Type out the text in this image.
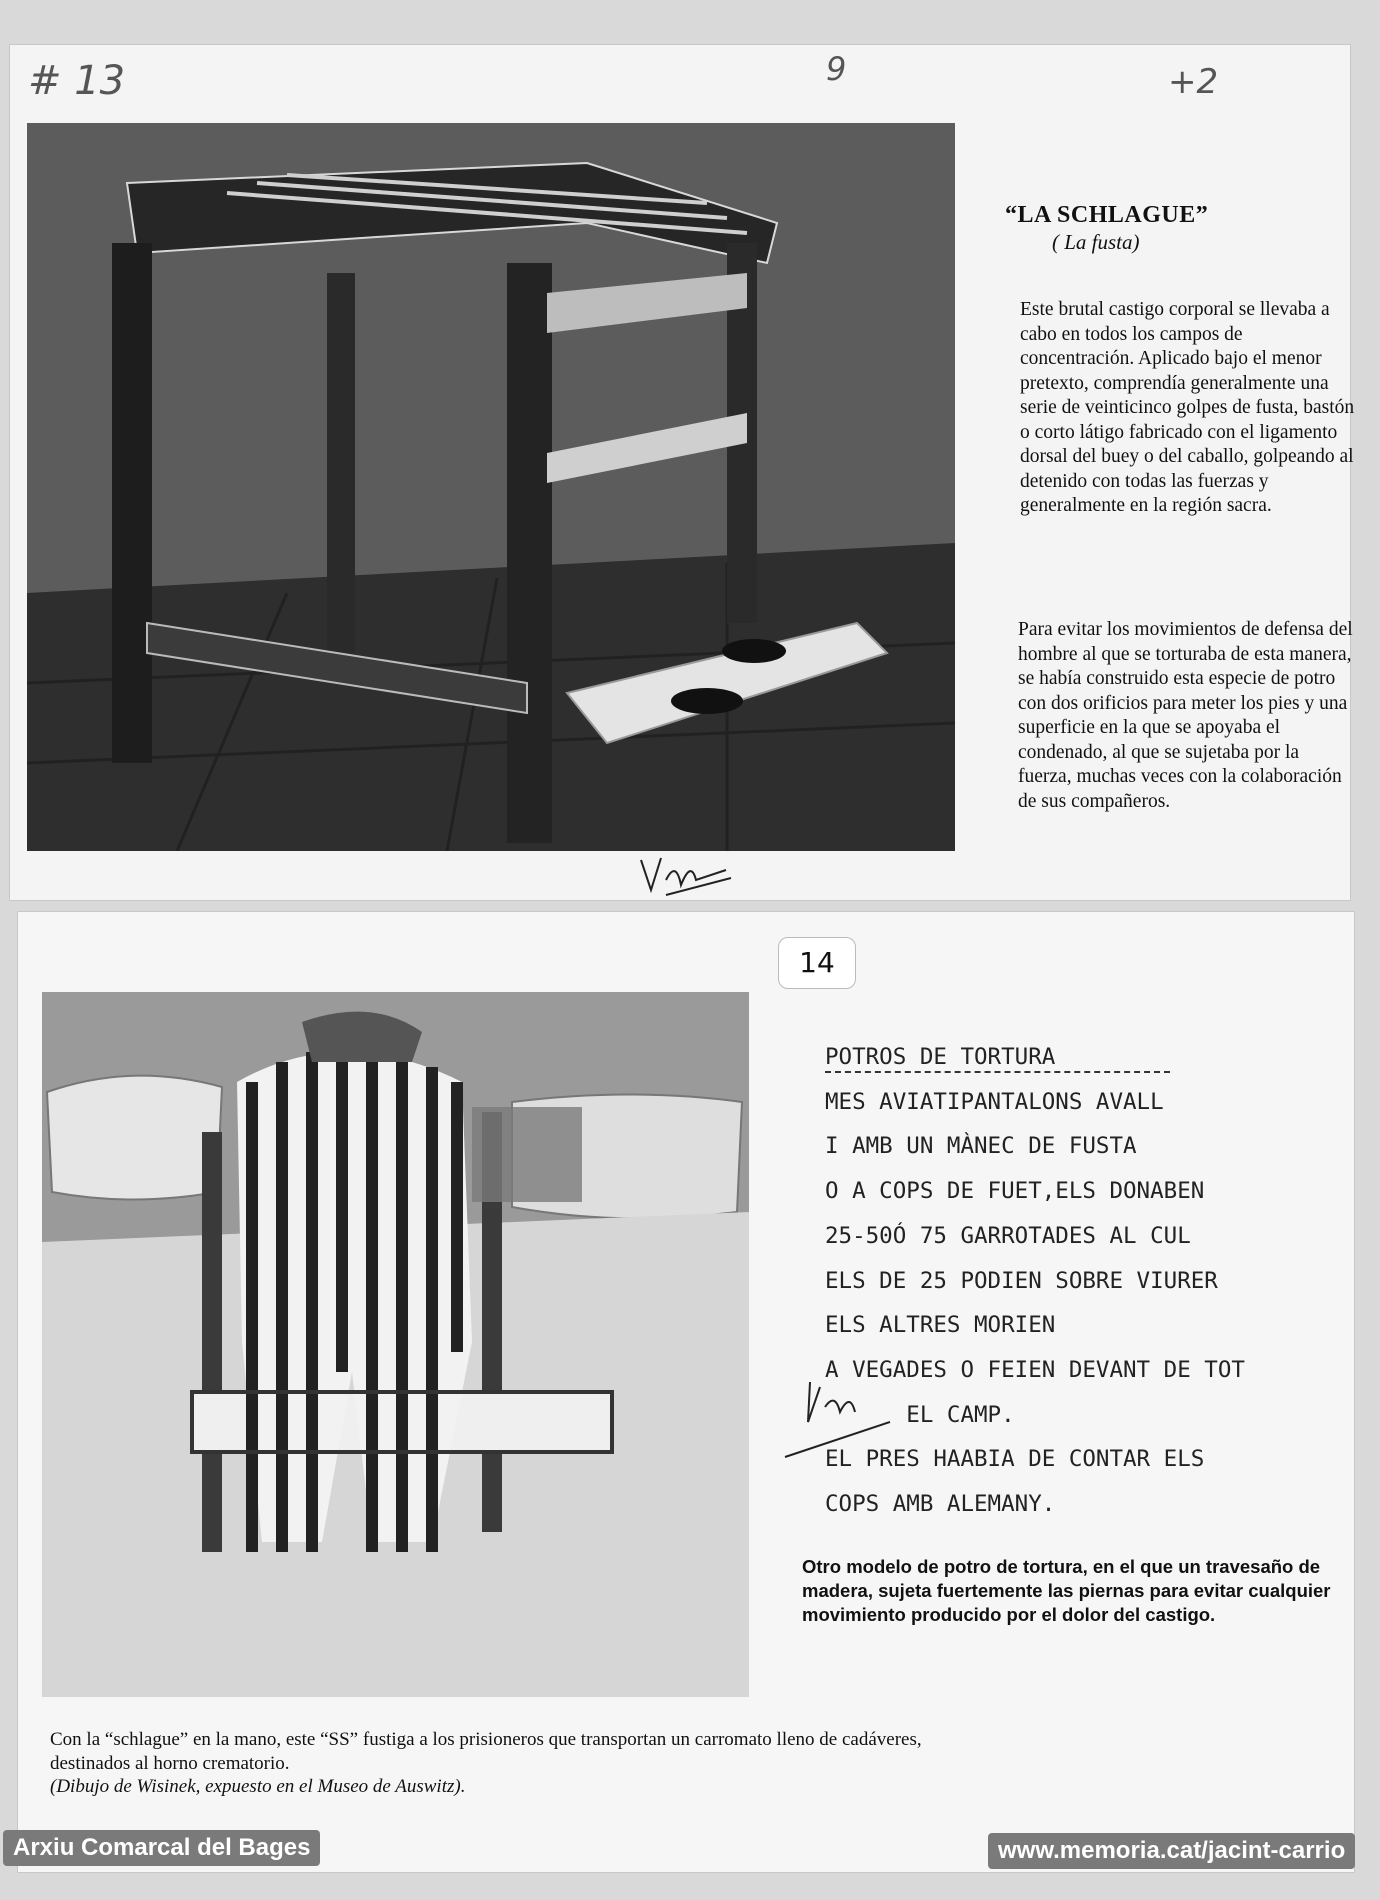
# 13	9	+2
“LA SCHLAGUE”
( La fusta)
Este brutal castigo corporal se llevaba a cabo en todos los campos de concentración. Aplicado bajo el menor pretexto, comprendía generalmente una serie de veinticinco golpes de fusta, bastón o corto látigo fabricado con el ligamento dorsal del buey o del caballo, golpeando al detenido con todas las fuerzas y generalmente en la región sacra.
Para evitar los movimientos de defensa del hombre al que se torturaba de esta manera, se había construido esta especie de potro con dos orificios para meter los pies y una superficie en la que se apoyaba el condenado, al que se sujetaba por la fuerza, muchas veces con la colaboración de sus compañeros.
14
POTROS DE TORTURA
MES AVIATIPANTALONS AVALL
I AMB UN MÀNEC DE FUSTA
O A COPS DE FUET,ELS DONABEN
25-50Ó 75 GARROTADES AL CUL
ELS DE 25 PODIEN SOBRE VIURER
ELS ALTRES MORIEN
A VEGADES O FEIEN DEVANT DE TOT
EL CAMP.
EL PRES HAABIA DE CONTAR ELS
COPS AMB ALEMANY.
Otro modelo de potro de tortura, en el que un travesaño de madera, sujeta fuertemente las piernas para evitar cualquier movimiento producido por el dolor del castigo.
Con la “schlague” en la mano, este “SS” fustiga a los prisioneros que transportan un carromato lleno de cadáveres, destinados al horno crematorio.
(Dibujo de Wisinek, expuesto en el Museo de Auswitz).
Arxiu Comarcal del Bages	www.memoria.cat/jacint-carrio
